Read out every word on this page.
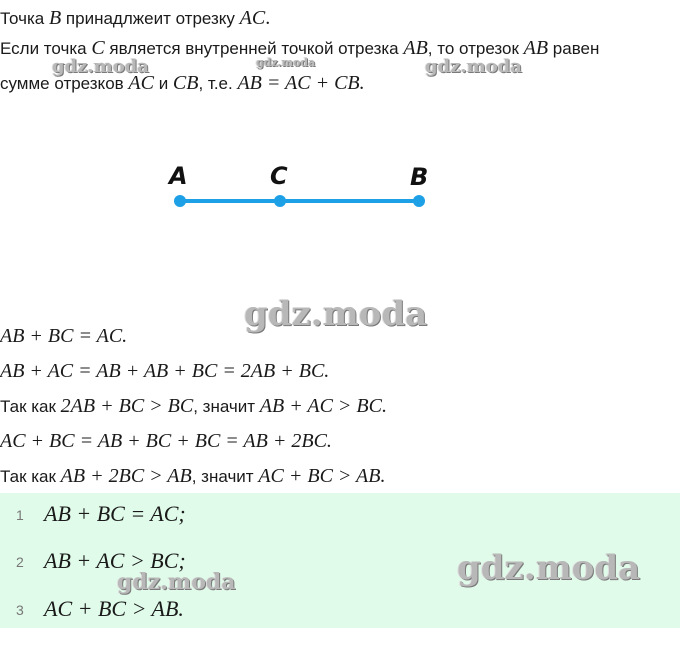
Точка B принадлжеит отрезку AC.
Если точка C является внутренней точкой отрезка AB, то отрезок AB равен
сумме отрезков AC и CB, т.е. AB = AC + CB.
A	C	B
AB + BC = AC.
AB + AC = AB + AB + BC = 2AB + BC.
Так как 2AB + BC > BC, значит AB + AC > BC.
AC + BC = AB + BC + BC = AB + 2BC.
Так как AB + 2BC > AB, значит AC + BC > AB.
1 AB + BC = AC;
2 AB + AC > BC;
3 AC + BC > AB.
gdz.moda	gdz.moda	gdz.moda
gdz.moda
gdz.moda
gdz.moda
